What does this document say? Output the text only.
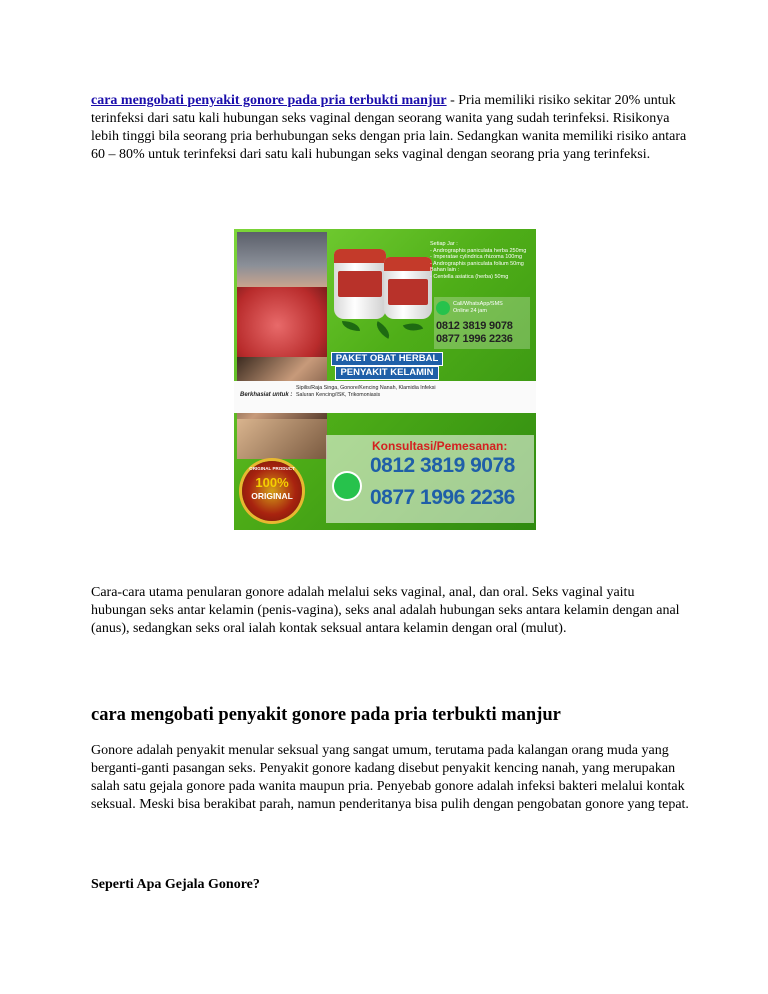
cara mengobati penyakit gonore pada pria terbukti manjur - Pria memiliki risiko sekitar 20% untuk terinfeksi dari satu kali hubungan seks vaginal dengan seorang wanita yang sudah terinfeksi. Risikonya lebih tinggi bila seorang pria berhubungan seks dengan pria lain. Sedangkan wanita memiliki risiko antara 60 – 80% untuk terinfeksi dari satu kali hubungan seks vaginal dengan seorang pria yang terinfeksi.

Setiap Jar :
- Andrographis paniculata herba 250mg
- Imperatae cylindrica rhizoma 100mg
- Andrographis paniculata folium 50mg
Bahan lain :
- Centella asiatica (herba) 50mg
Call/WhatsApp/SMS
Online 24 jam
0812 3819 9078
0877 1996 2236
PAKET OBAT HERBAL
PENYAKIT KELAMIN
Berkhasiat untuk :
Sipilis/Raja Singa, Gonore/Kencing Nanah, Klamidia Infeksi Saluran Kencing/ISK, Trikomoniasis
Konsultasi/Pemesanan:
0812 3819 9078
0877 1996 2236
ORIGINAL PRODUCT
100%
ORIGINAL

Cara-cara utama penularan gonore adalah melalui seks vaginal, anal, dan oral. Seks vaginal yaitu hubungan seks antar kelamin (penis-vagina), seks anal adalah hubungan seks antara kelamin dengan anal (anus), sedangkan seks oral ialah kontak seksual antara kelamin dengan oral (mulut).

cara mengobati penyakit gonore pada pria terbukti manjur

Gonore adalah penyakit menular seksual yang sangat umum, terutama pada kalangan orang muda yang berganti-ganti pasangan seks. Penyakit gonore kadang disebut penyakit kencing nanah, yang merupakan salah satu gejala gonore pada wanita maupun pria. Penyebab gonore adalah infeksi bakteri melalui kontak seksual. Meski bisa berakibat parah, namun penderitanya bisa pulih dengan pengobatan gonore yang tepat.

Seperti Apa Gejala Gonore?
